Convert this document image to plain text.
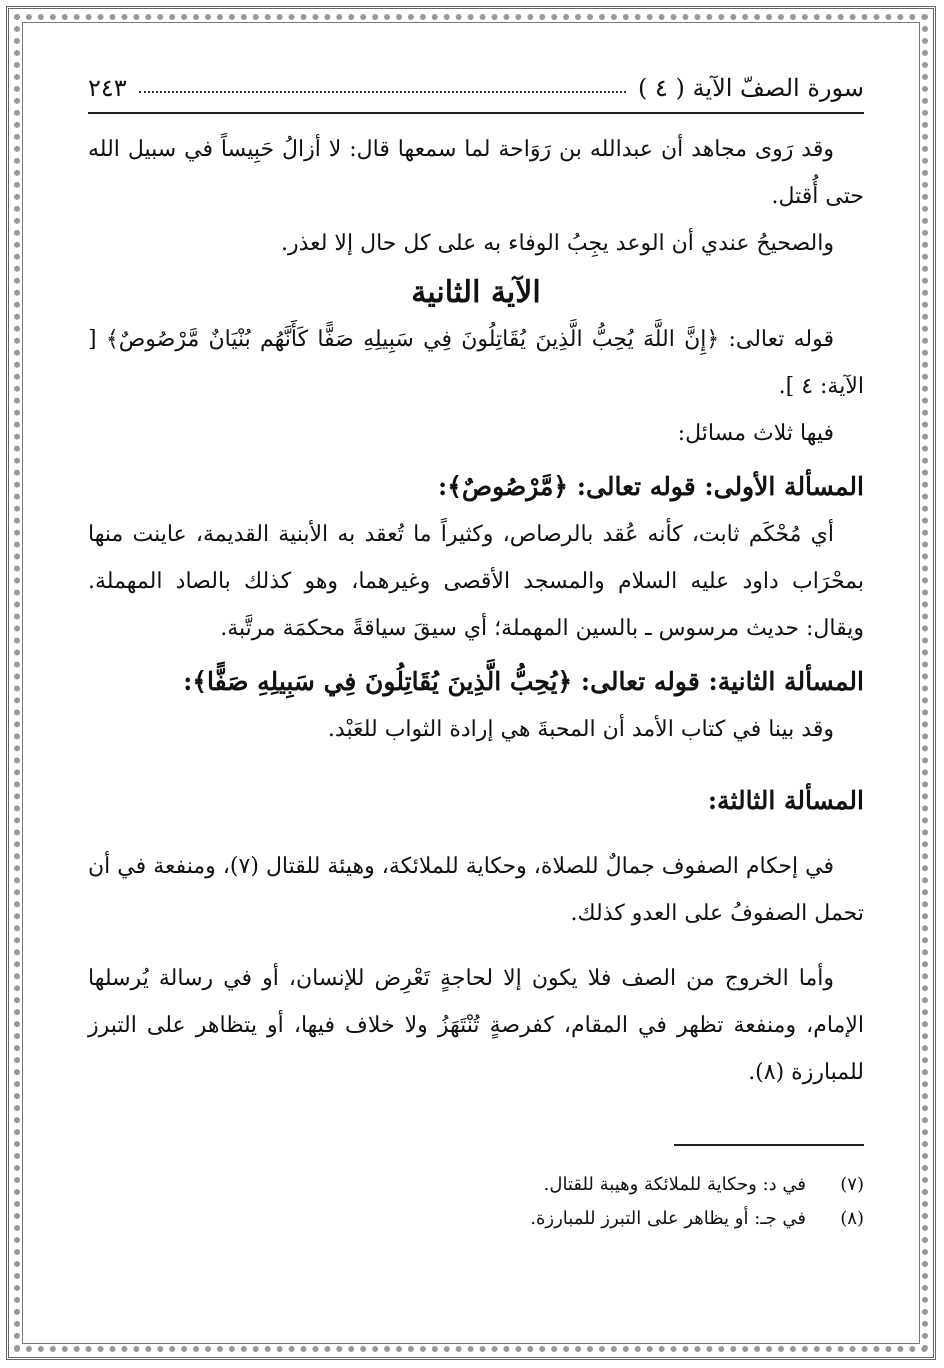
سورة الصفّ الآية ( ٤ )
٢٤٣

وقد رَوى مجاهد أن عبدالله بن رَوَاحة لما سمعها قال: لا أزالُ حَبِيساً في سبيل الله حتى أُقتل.

والصحيحُ عندي أن الوعد يجِبُ الوفاء به على كل حال إلا لعذر.

الآية الثانية

قوله تعالى: ﴿إِنَّ اللَّهَ يُحِبُّ الَّذِينَ يُقَاتِلُونَ فِي سَبِيلِهِ صَفًّا كَأَنَّهُم بُنْيَانٌ مَّرْصُوصٌ﴾ [ الآية: ٤ ].

فيها ثلاث مسائل:

المسألة الأولى: قوله تعالى: ﴿مَّرْصُوصٌ﴾:

أي مُحْكَم ثابت، كأنه عُقد بالرصاص، وكثيراً ما تُعقد به الأبنية القديمة، عاينت منها بمحْرَاب داود عليه السلام والمسجد الأقصى وغيرهما، وهو كذلك بالصاد المهملة. ويقال: حديث مرسوس ـ بالسين المهملة؛ أي سيقَ سياقةً محكمَة مرتَّبة.

المسألة الثانية: قوله تعالى: ﴿يُحِبُّ الَّذِينَ يُقَاتِلُونَ فِي سَبِيلِهِ صَفًّا﴾:

وقد بينا في كتاب الأمد أن المحبةَ هي إرادة الثواب للعَبْد.

المسألة الثالثة:

في إحكام الصفوف جمالٌ للصلاة، وحكاية للملائكة، وهيئة للقتال (٧)، ومنفعة في أن تحمل الصفوفُ على العدو كذلك.

وأما الخروج من الصف فلا يكون إلا لحاجةٍ تَعْرِض للإنسان، أو في رسالة يُرسلها الإمام، ومنفعة تظهر في المقام، كفرصةٍ تُنْتَهَزُ ولا خلاف فيها، أو يتظاهر على التبرز للمبارزة (٨).

(٧)
في د: وحكاية للملائكة وهيبة للقتال.
(٨)
في جـ: أو يظاهر على التبرز للمبارزة.
